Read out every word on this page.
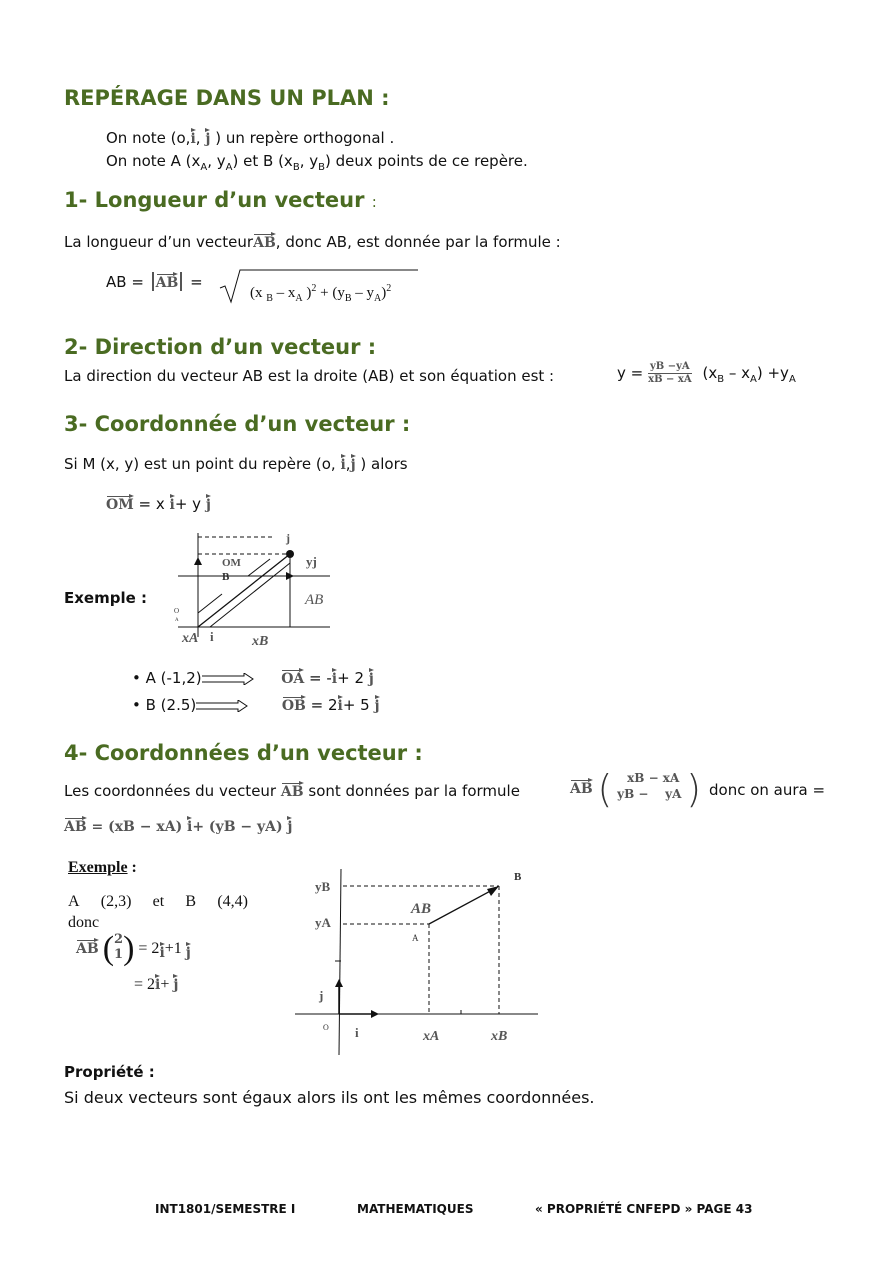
REPÉRAGE DANS UN PLAN :
On note (o,i, j ) un repère orthogonal .
On note A ($x_A$, $y_A$) et B ($x_B$, $y_B$) deux points de ce repère.
1- Longueur d’un vecteur :
La longueur d’un vecteurAB, donc AB, est donnée par la formule :
AB = AB =
(x $_B - x_A$ )$^2 + (y_B - y_A)^2$
2- Direction d’un vecteur :
La direction du vecteur AB est la droite (AB) et son équation est :	$y = \frac{yB -yA}{xB - xA} (x_B - x_A) +y_A$
3- Coordonnée d’un vecteur :
Si M (x, y) est un point du repère (o, i,j ) alors
OM = x i+ y j
Exemple :
j
OM
B
yj
AB
O
A
xA i	xB
• A (-1,2)	OA = -i+ 2 j
• B (2.5)	OB = 2i+ 5 j
4- Coordonnées d’un vecteur :
Les coordonnées du vecteur AB sont données par la formule	AB (	xB − xA
yB −    yA ) donc on aura =
AB = (xB − xA) i+ (yB − yA) j
Exemple :
A (2,3) et B (4,4)
donc
AB ( 2
1 ) = 2i+1 j
= 2i+ j
yB
yA
AB
A
B
j
O i	xA	xB
Propriété :
Si deux vecteurs sont égaux alors ils ont les mêmes coordonnées.
INT1801/SEMESTRE I	MATHEMATIQUES	« PROPRIÉTÉ CNFEPD » PAGE 43
